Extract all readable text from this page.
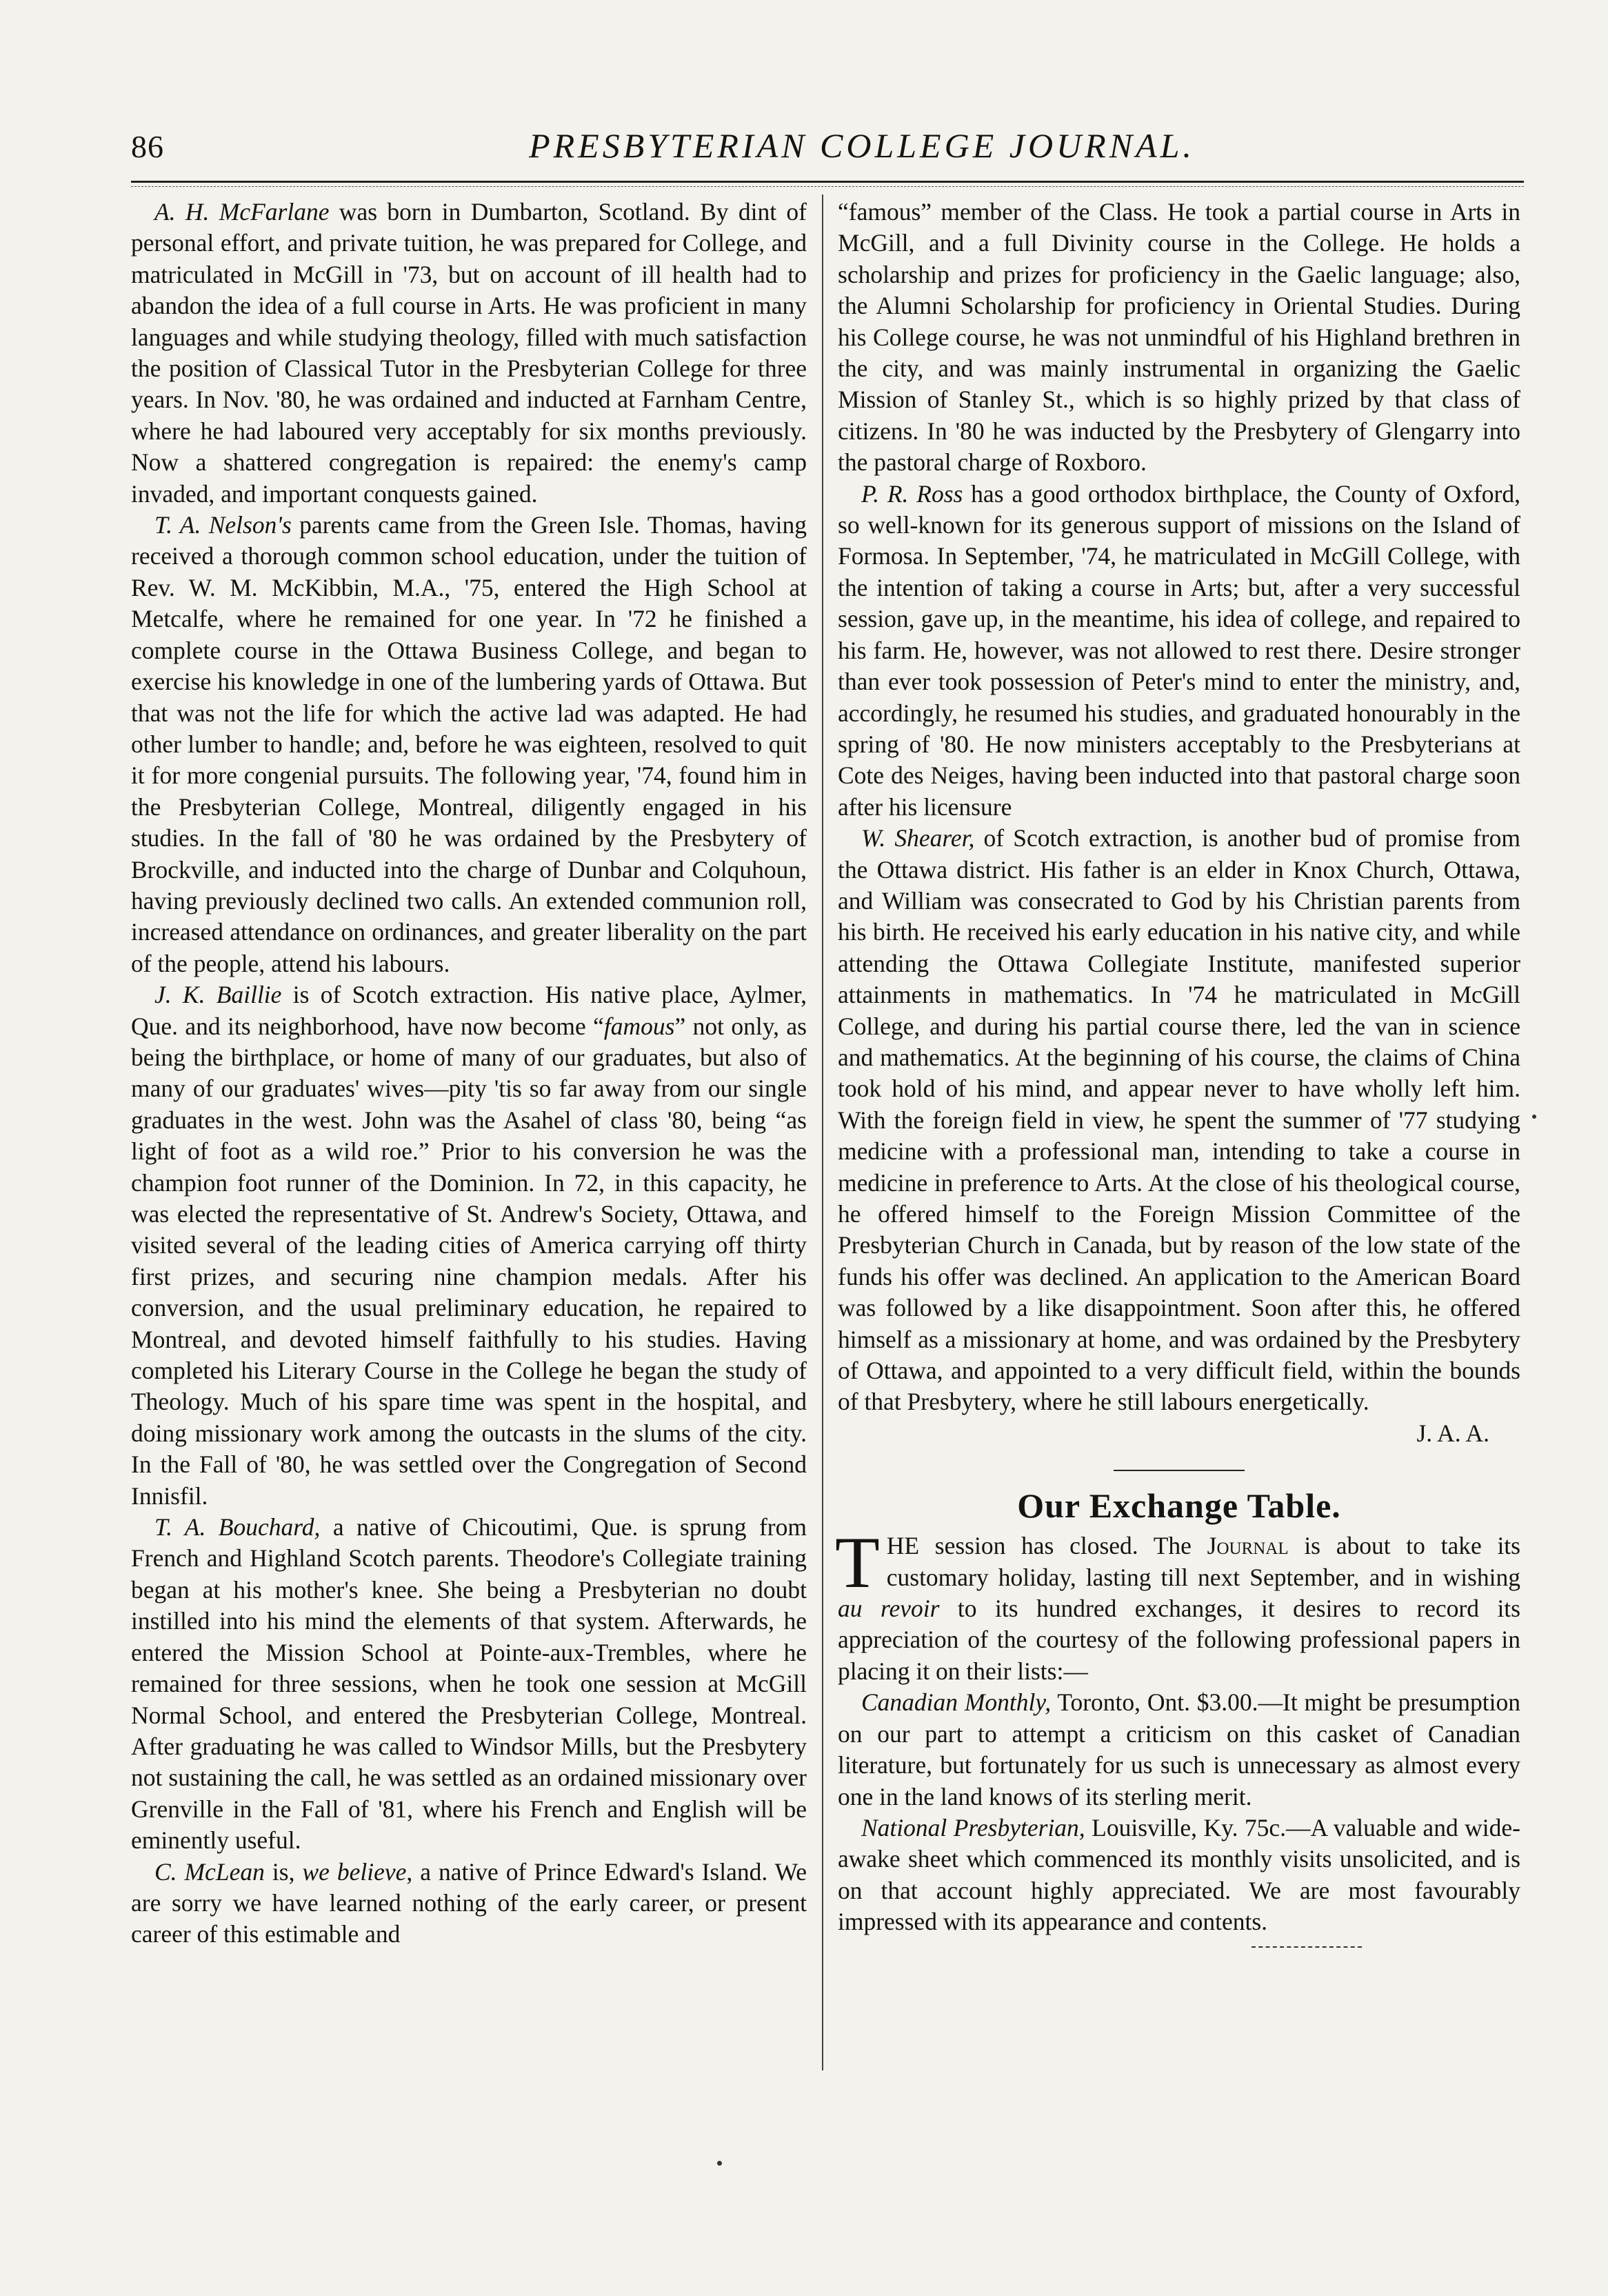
86	PRESBYTERIAN COLLEGE JOURNAL.

A. H. McFarlane was born in Dumbarton, Scotland. By dint of personal effort, and private tuition, he was prepared for College, and matriculated in McGill in '73, but on account of ill health had to abandon the idea of a full course in Arts. He was proficient in many languages and while studying theology, filled with much satisfaction the position of Classical Tutor in the Presbyterian College for three years. In Nov. '80, he was ordained and inducted at Farnham Centre, where he had laboured very acceptably for six months previously. Now a shattered congregation is repaired: the enemy's camp invaded, and important conquests gained.

T. A. Nelson's parents came from the Green Isle. Thomas, having received a thorough common school education, under the tuition of Rev. W. M. McKibbin, M.A., '75, entered the High School at Metcalfe, where he remained for one year. In '72 he finished a complete course in the Ottawa Business College, and began to exercise his knowledge in one of the lumbering yards of Ottawa. But that was not the life for which the active lad was adapted. He had other lumber to handle; and, before he was eighteen, resolved to quit it for more congenial pursuits. The following year, '74, found him in the Presbyterian College, Montreal, diligently engaged in his studies. In the fall of '80 he was ordained by the Presbytery of Brockville, and inducted into the charge of Dunbar and Colquhoun, having previously declined two calls. An extended communion roll, increased attendance on ordinances, and greater liberality on the part of the people, attend his labours.

J. K. Baillie is of Scotch extraction. His native place, Aylmer, Que. and its neighborhood, have now become “famous” not only, as being the birthplace, or home of many of our graduates, but also of many of our graduates' wives—pity 'tis so far away from our single graduates in the west. John was the Asahel of class '80, being “as light of foot as a wild roe.” Prior to his conversion he was the champion foot runner of the Dominion. In 72, in this capacity, he was elected the representative of St. Andrew's Society, Ottawa, and visited several of the leading cities of America carrying off thirty first prizes, and securing nine champion medals. After his conversion, and the usual preliminary education, he repaired to Montreal, and devoted himself faithfully to his studies. Having completed his Literary Course in the College he began the study of Theology. Much of his spare time was spent in the hospital, and doing missionary work among the outcasts in the slums of the city. In the Fall of '80, he was settled over the Congregation of Second Innisfil.

T. A. Bouchard, a native of Chicoutimi, Que. is sprung from French and Highland Scotch parents. Theodore's Collegiate training began at his mother's knee. She being a Presbyterian no doubt instilled into his mind the elements of that system. Afterwards, he entered the Mission School at Pointe-aux-Trembles, where he remained for three sessions, when he took one session at McGill Normal School, and entered the Presbyterian College, Montreal. After graduating he was called to Windsor Mills, but the Presbytery not sustaining the call, he was settled as an ordained missionary over Grenville in the Fall of '81, where his French and English will be eminently useful.

C. McLean is, we believe, a native of Prince Edward's Island. We are sorry we have learned nothing of the early career, or present career of this estimable and

“famous” member of the Class. He took a partial course in Arts in McGill, and a full Divinity course in the College. He holds a scholarship and prizes for proficiency in the Gaelic language; also, the Alumni Scholarship for proficiency in Oriental Studies. During his College course, he was not unmindful of his Highland brethren in the city, and was mainly instrumental in organizing the Gaelic Mission of Stanley St., which is so highly prized by that class of citizens. In '80 he was inducted by the Presbytery of Glengarry into the pastoral charge of Roxboro.

P. R. Ross has a good orthodox birthplace, the County of Oxford, so well-known for its generous support of missions on the Island of Formosa. In September, '74, he matriculated in McGill College, with the intention of taking a course in Arts; but, after a very successful session, gave up, in the meantime, his idea of college, and repaired to his farm. He, however, was not allowed to rest there. Desire stronger than ever took possession of Peter's mind to enter the ministry, and, accordingly, he resumed his studies, and graduated honourably in the spring of '80. He now ministers acceptably to the Presbyterians at Cote des Neiges, having been inducted into that pastoral charge soon after his licensure

W. Shearer, of Scotch extraction, is another bud of promise from the Ottawa district. His father is an elder in Knox Church, Ottawa, and William was consecrated to God by his Christian parents from his birth. He received his early education in his native city, and while attending the Ottawa Collegiate Institute, manifested superior attainments in mathematics. In '74 he matriculated in McGill College, and during his partial course there, led the van in science and mathematics. At the beginning of his course, the claims of China took hold of his mind, and appear never to have wholly left him. With the foreign field in view, he spent the summer of '77 studying medicine with a professional man, intending to take a course in medicine in preference to Arts. At the close of his theological course, he offered himself to the Foreign Mission Committee of the Presbyterian Church in Canada, but by reason of the low state of the funds his offer was declined. An application to the American Board was followed by a like disappointment. Soon after this, he offered himself as a missionary at home, and was ordained by the Presbytery of Ottawa, and appointed to a very difficult field, within the bounds of that Presbytery, where he still labours energetically.

J. A. A.

Our Exchange Table.

THE session has closed. The Journal is about to take its customary holiday, lasting till next September, and in wishing au revoir to its hundred exchanges, it desires to record its appreciation of the courtesy of the following professional papers in placing it on their lists:—

Canadian Monthly, Toronto, Ont. $3.00.—It might be presumption on our part to attempt a criticism on this casket of Canadian literature, but fortunately for us such is unnecessary as almost every one in the land knows of its sterling merit.

National Presbyterian, Louisville, Ky. 75c.—A valuable and wide-awake sheet which commenced its monthly visits unsolicited, and is on that account highly appreciated. We are most favourably impressed with its appearance and contents.
